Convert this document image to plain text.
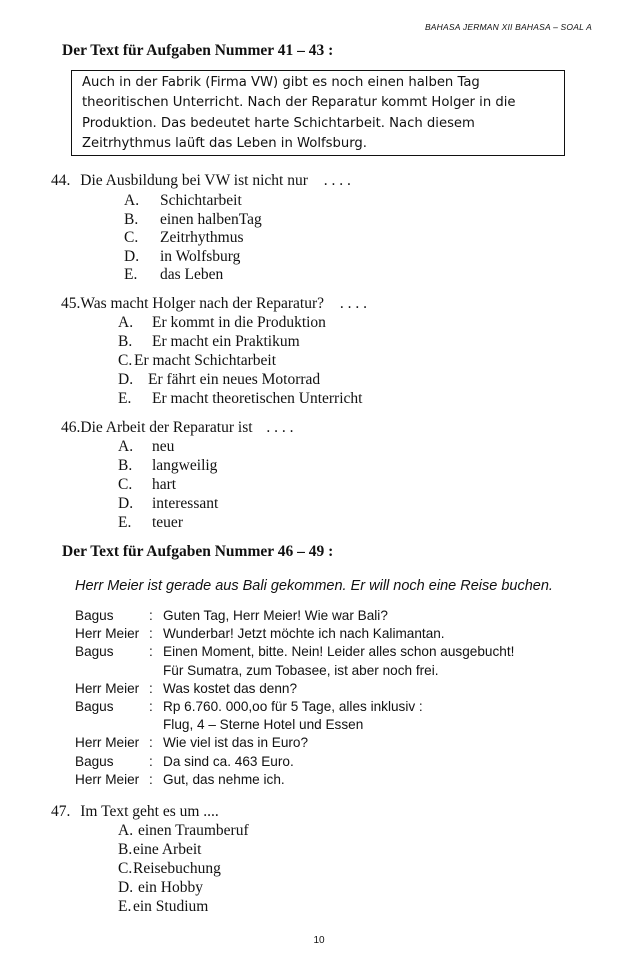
BAHASA JERMAN XII BAHASA – SOAL A
Der Text für Aufgaben Nummer 41 – 43 :
Auch in der Fabrik (Firma VW) gibt es noch einen halben Tag
theoritischen Unterricht. Nach der Reparatur kommt Holger in die
Produktion. Das bedeutet harte Schichtarbeit. Nach diesem
Zeitrhythmus laüft das Leben in Wolfsburg.
44. Die Ausbildung bei VW ist nicht nur . . . .
A. Schichtarbeit
B. einen halbenTag
C. Zeitrhythmus
D. in Wolfsburg
E. das Leben
45.Was macht Holger nach der Reparatur? . . . .
A. Er kommt in die Produktion
B. Er macht ein Praktikum
C. Er macht Schichtarbeit
D. Er fährt ein neues Motorrad
E. Er macht theoretischen Unterricht
46.Die Arbeit der Reparatur ist . . . .
A. neu
B. langweilig
C. hart
D. interessant
E. teuer
Der Text für Aufgaben Nummer 46 – 49 :
Herr Meier ist gerade aus Bali gekommen. Er will noch eine Reise buchen.
Bagus	: Guten Tag, Herr Meier! Wie war Bali?
Herr Meier : Wunderbar! Jetzt möchte ich nach Kalimantan.
Bagus	: Einen Moment, bitte. Nein! Leider alles schon ausgebucht!
Für Sumatra, zum Tobasee, ist aber noch frei.
Herr Meier : Was kostet das denn?
Bagus	: Rp 6.760. 000,oo für 5 Tage, alles inklusiv :
Flug, 4 – Sterne Hotel und Essen
Herr Meier : Wie viel ist das in Euro?
Bagus	: Da sind ca. 463 Euro.
Herr Meier : Gut, das nehme ich.
47. Im Text geht es um ....
A. einen Traumberuf
B.eine Arbeit
C.Reisebuchung
D. ein Hobby
E. ein Studium
10
